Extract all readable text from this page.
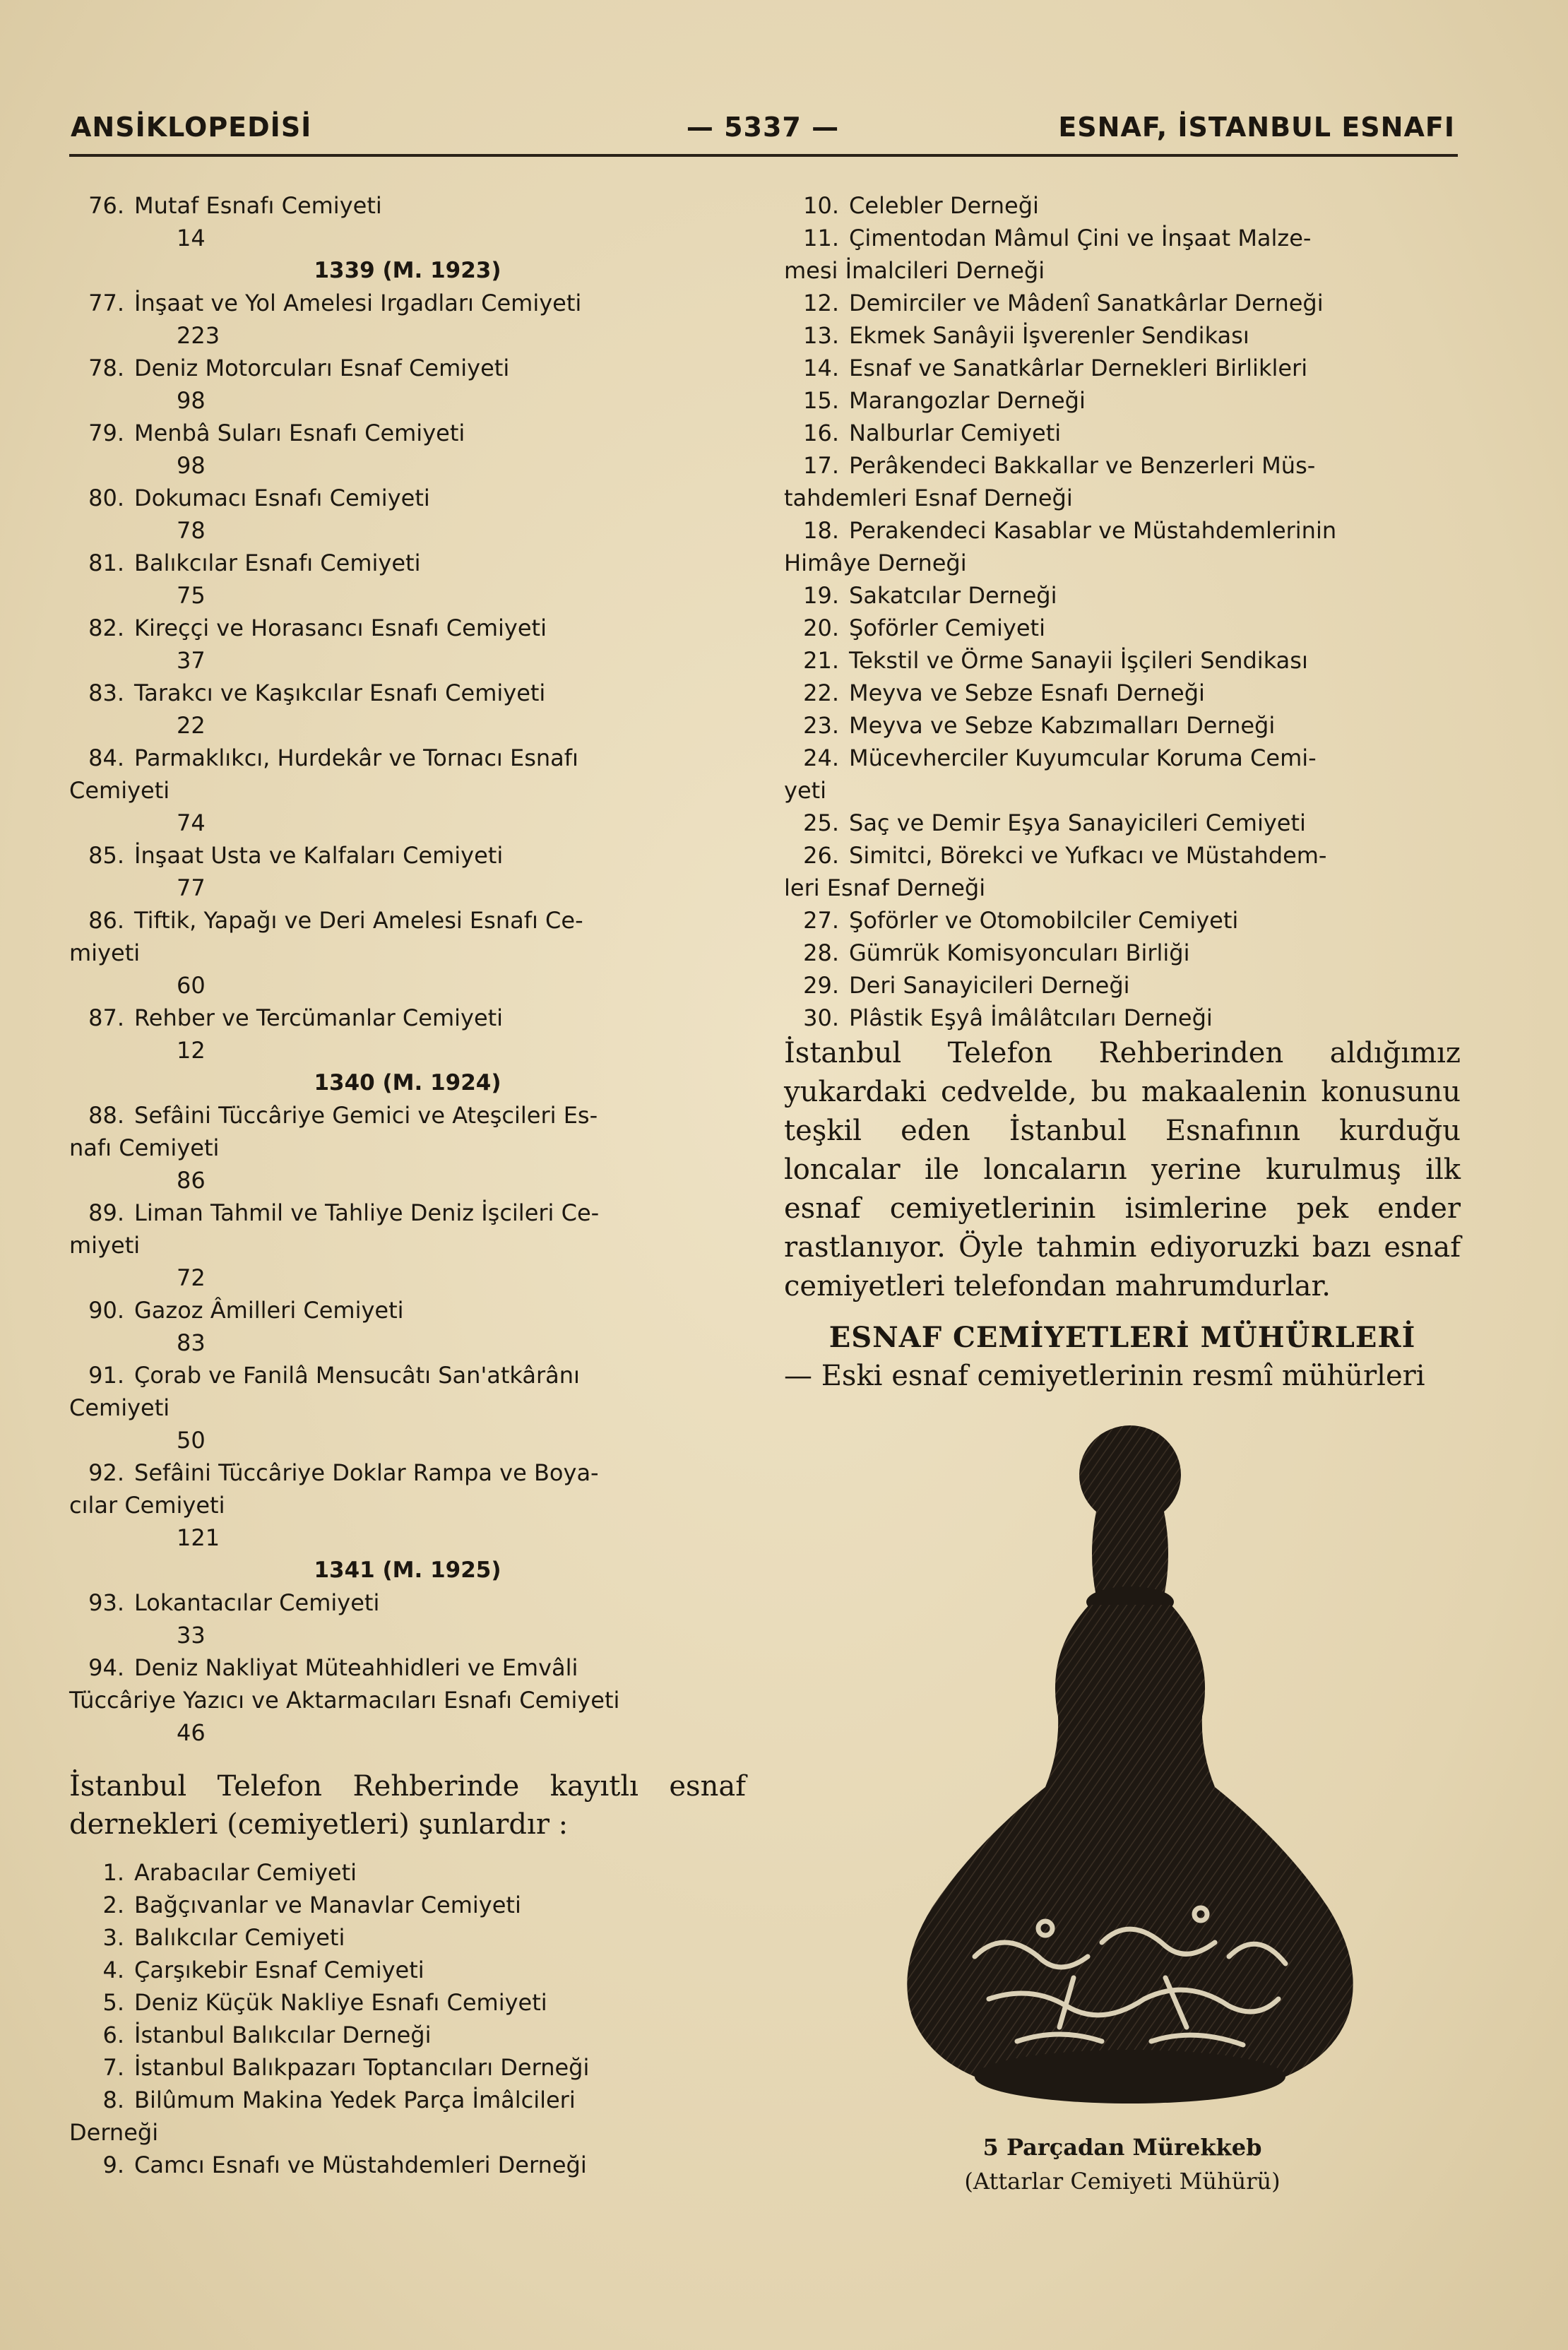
ANSİKLOPEDİSİ	— 5337 —	ESNAF, İSTANBUL ESNAFI
76. Mutaf Esnafı Cemiyeti
14
1339 (M. 1923)
77. İnşaat ve Yol Amelesi Irgadları Cemiyeti
223
78. Deniz Motorcuları Esnaf Cemiyeti
98
79. Menbâ Suları Esnafı Cemiyeti
98
80. Dokumacı Esnafı Cemiyeti
78
81. Balıkcılar Esnafı Cemiyeti
75
82. Kireççi ve Horasancı Esnafı Cemiyeti
37
83. Tarakcı ve Kaşıkcılar Esnafı Cemiyeti
22
84. Parmaklıkcı, Hurdekâr ve Tornacı Esnafı
Cemiyeti
74
85. İnşaat Usta ve Kalfaları Cemiyeti
77
86. Tiftik, Yapağı ve Deri Amelesi Esnafı Ce-
miyeti
60
87. Rehber ve Tercümanlar Cemiyeti
12
1340 (M. 1924)
88. Sefâini Tüccâriye Gemici ve Ateşcileri Es-
nafı Cemiyeti
86
89. Liman Tahmil ve Tahliye Deniz İşcileri Ce-
miyeti
72
90. Gazoz Âmilleri Cemiyeti
83
91. Çorab ve Fanilâ Mensucâtı San'atkârânı
Cemiyeti
50
92. Sefâini Tüccâriye Doklar Rampa ve Boya-
cılar Cemiyeti
121
1341 (M. 1925)
93. Lokantacılar Cemiyeti
33
94. Deniz Nakliyat Müteahhidleri ve Emvâli
Tüccâriye Yazıcı ve Aktarmacıları Esnafı Cemiyeti
46
İstanbul Telefon Rehberinde kayıtlı esnaf dernekleri (cemiyetleri) şunlardır :
1. Arabacılar Cemiyeti
2. Bağçıvanlar ve Manavlar Cemiyeti
3. Balıkcılar Cemiyeti
4. Çarşıkebir Esnaf Cemiyeti
5. Deniz Küçük Nakliye Esnafı Cemiyeti
6. İstanbul Balıkcılar Derneği
7. İstanbul Balıkpazarı Toptancıları Derneği
8. Bilûmum Makina Yedek Parça İmâlcileri
Derneği
9. Camcı Esnafı ve Müstahdemleri Derneği
10. Celebler Derneği
11. Çimentodan Mâmul Çini ve İnşaat Malze-
mesi İmalcileri Derneği
12. Demirciler ve Mâdenî Sanatkârlar Derneği
13. Ekmek Sanâyii İşverenler Sendikası
14. Esnaf ve Sanatkârlar Dernekleri Birlikleri
15. Marangozlar Derneği
16. Nalburlar Cemiyeti
17. Perâkendeci Bakkallar ve Benzerleri Müs-
tahdemleri Esnaf Derneği
18. Perakendeci Kasablar ve Müstahdemlerinin
Himâye Derneği
19. Sakatcılar Derneği
20. Şoförler Cemiyeti
21. Tekstil ve Örme Sanayii İşçileri Sendikası
22. Meyva ve Sebze Esnafı Derneği
23. Meyva ve Sebze Kabzımalları Derneği
24. Mücevherciler Kuyumcular Koruma Cemi-
yeti
25. Saç ve Demir Eşya Sanayicileri Cemiyeti
26. Simitci, Börekci ve Yufkacı ve Müstahdem-
leri Esnaf Derneği
27. Şoförler ve Otomobilciler Cemiyeti
28. Gümrük Komisyoncuları Birliği
29. Deri Sanayicileri Derneği
30. Plâstik Eşyâ İmâlâtcıları Derneği
İstanbul Telefon Rehberinden aldığımız yukardaki cedvelde, bu makaalenin konusunu teşkil eden İstanbul Esnafının kurduğu loncalar ile loncaların yerine kurulmuş ilk esnaf cemiyetlerinin isimlerine pek ender rastlanıyor. Öyle tahmin ediyoruzki bazı esnaf cemiyetleri telefondan mahrumdurlar.
ESNAF CEMİYETLERİ MÜHÜRLERİ
— Eski esnaf cemiyetlerinin resmî mühürleri
5 Parçadan Mürekkeb
(Attarlar Cemiyeti Mühürü)
